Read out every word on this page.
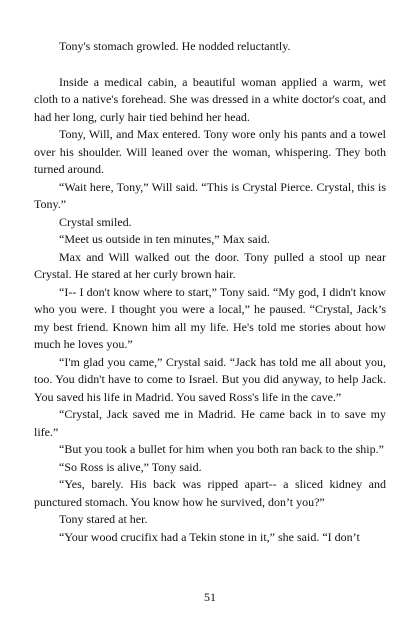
Tony's stomach growled. He nodded reluctantly.

Inside a medical cabin, a beautiful woman applied a warm, wet cloth to a native's forehead. She was dressed in a white doctor's coat, and had her long, curly hair tied behind her head.

Tony, Will, and Max entered. Tony wore only his pants and a towel over his shoulder. Will leaned over the woman, whispering. They both turned around.

“Wait here, Tony,” Will said. “This is Crystal Pierce. Crystal, this is Tony.”

Crystal smiled.

“Meet us outside in ten minutes,” Max said.

Max and Will walked out the door. Tony pulled a stool up near Crystal. He stared at her curly brown hair.

“I-- I don't know where to start,” Tony said. “My god, I didn't know who you were. I thought you were a local,” he paused. “Crystal, Jack’s my best friend. Known him all my life. He's told me stories about how much he loves you.”

“I'm glad you came,” Crystal said. “Jack has told me all about you, too. You didn't have to come to Israel. But you did anyway, to help Jack. You saved his life in Madrid. You saved Ross's life in the cave.”

“Crystal, Jack saved me in Madrid. He came back in to save my life.”

“But you took a bullet for him when you both ran back to the ship.”

“So Ross is alive,” Tony said.

“Yes, barely. His back was ripped apart-- a sliced kidney and punctured stomach. You know how he survived, don’t you?”

Tony stared at her.

“Your wood crucifix had a Tekin stone in it,” she said. “I don’t

51
